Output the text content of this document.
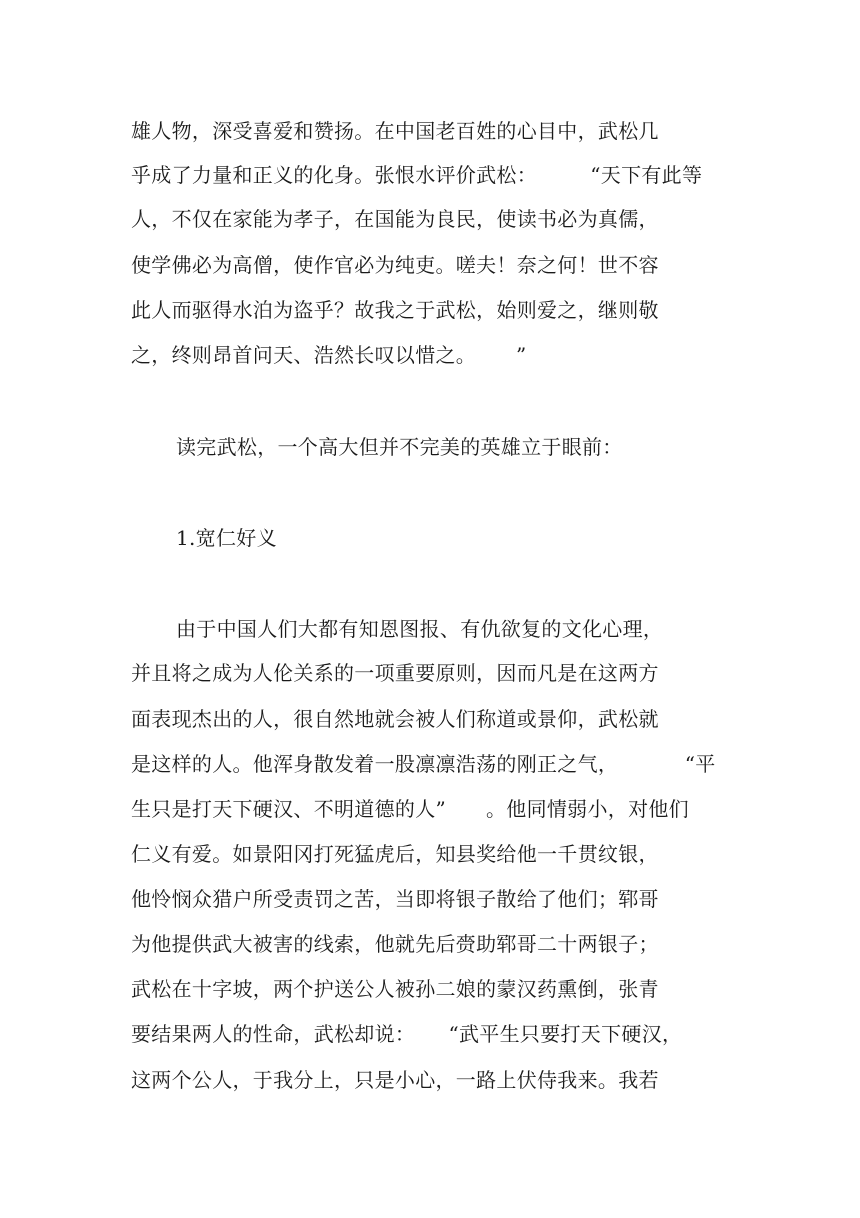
雄人物，深受喜爱和赞扬。在中国老百姓的心目中，武松几
乎成了力量和正义的化身。张恨水评价武松：        “天下有此等
人，不仅在家能为孝子，在国能为良民，使读书必为真儒，
使学佛必为高僧，使作官必为纯吏。嗟夫！奈之何！世不容
此人而驱得水泊为盗乎？故我之于武松，始则爱之，继则敬
之，终则昂首问天、浩然长叹以惜之。      ”
读完武松，一个高大但并不完美的英雄立于眼前：
1.宽仁好义
由于中国人们大都有知恩图报、有仇欲复的文化心理，
并且将之成为人伦关系的一项重要原则，因而凡是在这两方
面表现杰出的人，很自然地就会被人们称道或景仰，武松就
是这样的人。他浑身散发着一股凛凛浩荡的刚正之气，          “平
生只是打天下硬汉、不明道德的人”      。他同情弱小，对他们
仁义有爱。如景阳冈打死猛虎后，知县奖给他一千贯纹银，
他怜悯众猎户所受责罚之苦，当即将银子散给了他们；郓哥
为他提供武大被害的线索，他就先后赍助郓哥二十两银子；
武松在十字坡，两个护送公人被孙二娘的蒙汉药熏倒，张青
要结果两人的性命，武松却说：     “武平生只要打天下硬汉，
这两个公人，于我分上，只是小心，一路上伏侍我来。我若
